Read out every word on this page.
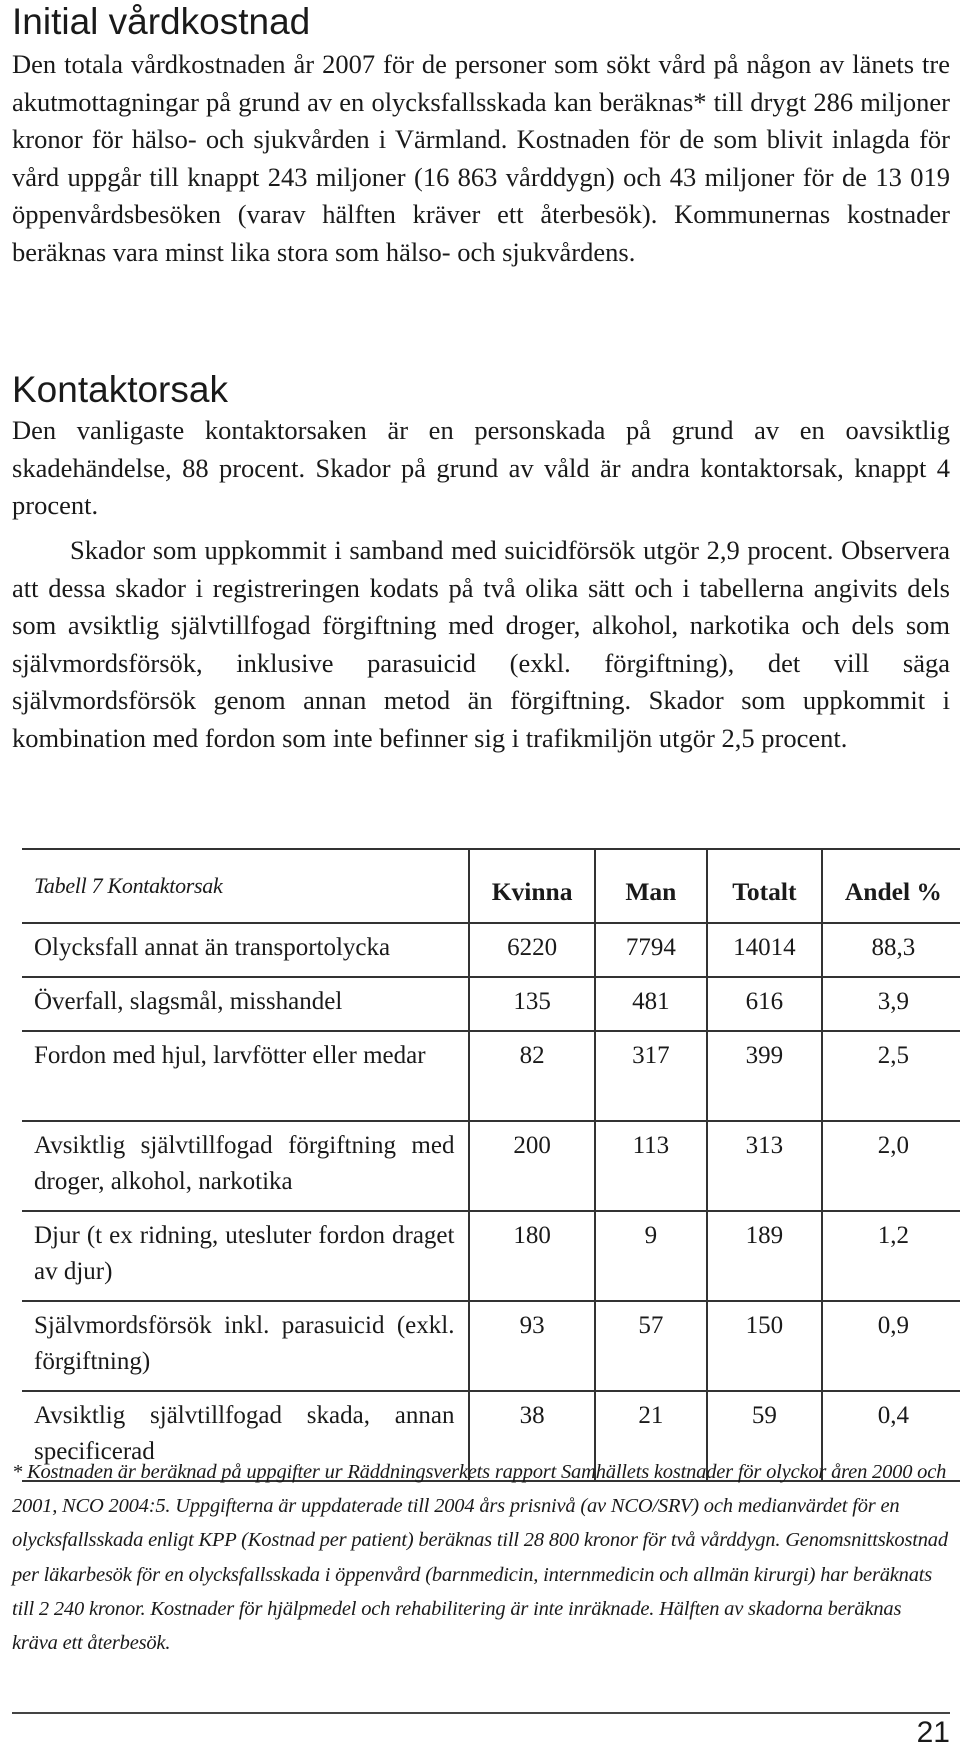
Initial vårdkostnad

Den totala vårdkostnaden år 2007 för de personer som sökt vård på någon av länets tre akutmottagningar på grund av en olycksfallsskada kan beräknas* till drygt 286 miljoner kronor för hälso- och sjukvården i Värmland. Kostnaden för de som blivit inlagda för vård uppgår till knappt 243 miljoner (16 863 vårddygn) och 43 miljoner för de 13 019 öppenvårdsbesöken (varav hälften kräver ett återbesök). Kommunernas kostnader beräknas vara minst lika stora som hälso- och sjukvårdens.

Kontaktorsak

Den vanligaste kontaktorsaken är en personskada på grund av en oavsiktlig skadehändelse, 88 procent. Skador på grund av våld är andra kontaktorsak, knappt 4 procent.

Skador som uppkommit i samband med suicidförsök utgör 2,9 procent. Observera att dessa skador i registreringen kodats på två olika sätt och i tabellerna angivits dels som avsiktlig självtillfogad förgiftning med droger, alkohol, narkotika och dels som självmordsförsök, inklusive parasuicid (exkl. förgiftning), det vill säga självmordsförsök genom annan metod än förgiftning. Skador som uppkommit i kombination med fordon som inte befinner sig i trafikmiljön utgör 2,5 procent.

Tabell 7 Kontaktorsak	Kvinna	Man	Totalt	Andel %
Olycksfall annat än transportolycka	6220	7794	14014	88,3
Överfall, slagsmål, misshandel	135	481	616	3,9
Fordon med hjul, larvfötter eller medar	82	317	399	2,5
Avsiktlig självtillfogad förgiftning med droger, alkohol, narkotika	200	113	313	2,0
Djur (t ex ridning, utesluter fordon draget av djur)	180	9	189	1,2
Självmordsförsök inkl. parasuicid (exkl. förgiftning)	93	57	150	0,9
Avsiktlig självtillfogad skada, annan specificerad	38	21	59	0,4

* Kostnaden är beräknad på uppgifter ur Räddningsverkets rapport Samhällets kostnader för olyckor åren 2000 och 2001, NCO 2004:5. Uppgifterna är uppdaterade till 2004 års prisnivå (av NCO/SRV) och medianvärdet för en olycksfallsskada enligt KPP (Kostnad per patient) beräknas till 28 800 kronor för två vårddygn. Genomsnittskostnad per läkarbesök för en olycksfallsskada i öppenvård (barnmedicin, internmedicin och allmän kirurgi) har beräknats till 2 240 kronor. Kostnader för hjälpmedel och rehabilitering är inte inräknade. Hälften av skadorna beräknas kräva ett återbesök.

21
